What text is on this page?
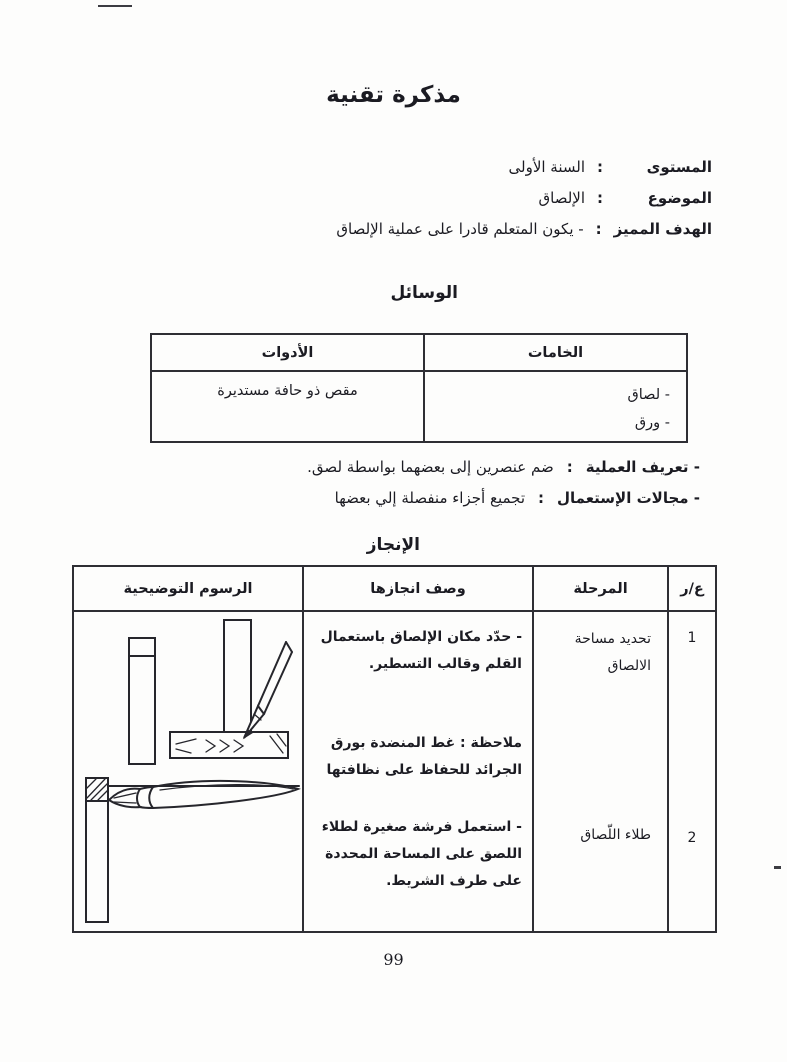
مذكرة تقنية
المستوى
:
السنة الأولى
الموضوع
:
الإلصاق
الهدف المميز
:
- يكون المتعلم قادرا على عملية الإلصاق
الوسائل
الخامات
- لصاق
- ورق
الأدوات
مقص ذو حافة مستديرة
- تعريف العملية
:
ضم عنصرين إلى بعضهما بواسطة لصق.
- مجالات الإستعمال
:
تجميع أجزاء منفصلة إلي بعضها
الإنجاز
ع/ر
1
2
المرحلة
تحديد مساحة الالصاق
طلاء اللّصاق
وصف انجازها
- حدّد مكان الإلصاق باستعمال القلم وقالب التسطير.
ملاحظة : غط المنضدة بورق الجرائد للحفاظ على نظافتها
- استعمل فرشة صغيرة لطلاء اللصق على المساحة المحددة على طرف الشريط.
الرسوم التوضيحية
99
